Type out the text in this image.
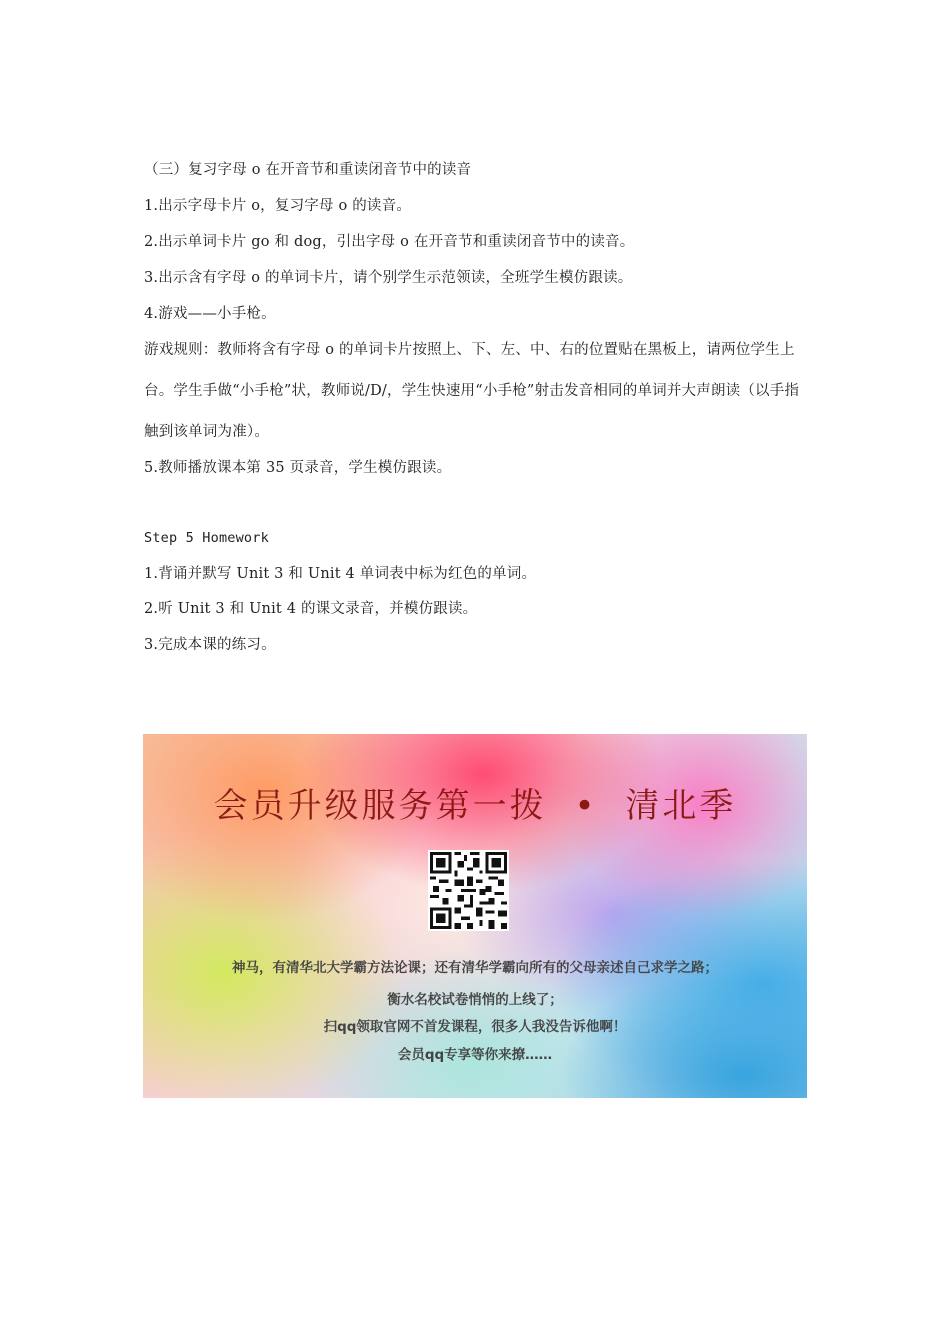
（三）复习字母 o 在开音节和重读闭音节中的读音
1.出示字母卡片 o，复习字母 o 的读音。
2.出示单词卡片 go 和 dog，引出字母 o 在开音节和重读闭音节中的读音。
3.出示含有字母 o 的单词卡片，请个别学生示范领读，全班学生模仿跟读。
4.游戏——小手枪。
游戏规则：教师将含有字母 o 的单词卡片按照上、下、左、中、右的位置贴在黑板上，请两位学生上台。学生手做“小手枪”状，教师说/D/，学生快速用“小手枪”射击发音相同的单词并大声朗读（以手指触到该单词为准）。
5.教师播放课本第 35 页录音，学生模仿跟读。
Step 5 Homework
1.背诵并默写 Unit 3 和 Unit 4 单词表中标为红色的单词。
2.听 Unit 3 和 Unit 4 的课文录音，并模仿跟读。
3.完成本课的练习。
会员升级服务第一拨 • 清北季
神马，有清华北大学霸方法论课；还有清华学霸向所有的父母亲述自己求学之路；
衡水名校试卷悄悄的上线了；
扫qq领取官网不首发课程，很多人我没告诉他啊！
会员qq专享等你来撩……
